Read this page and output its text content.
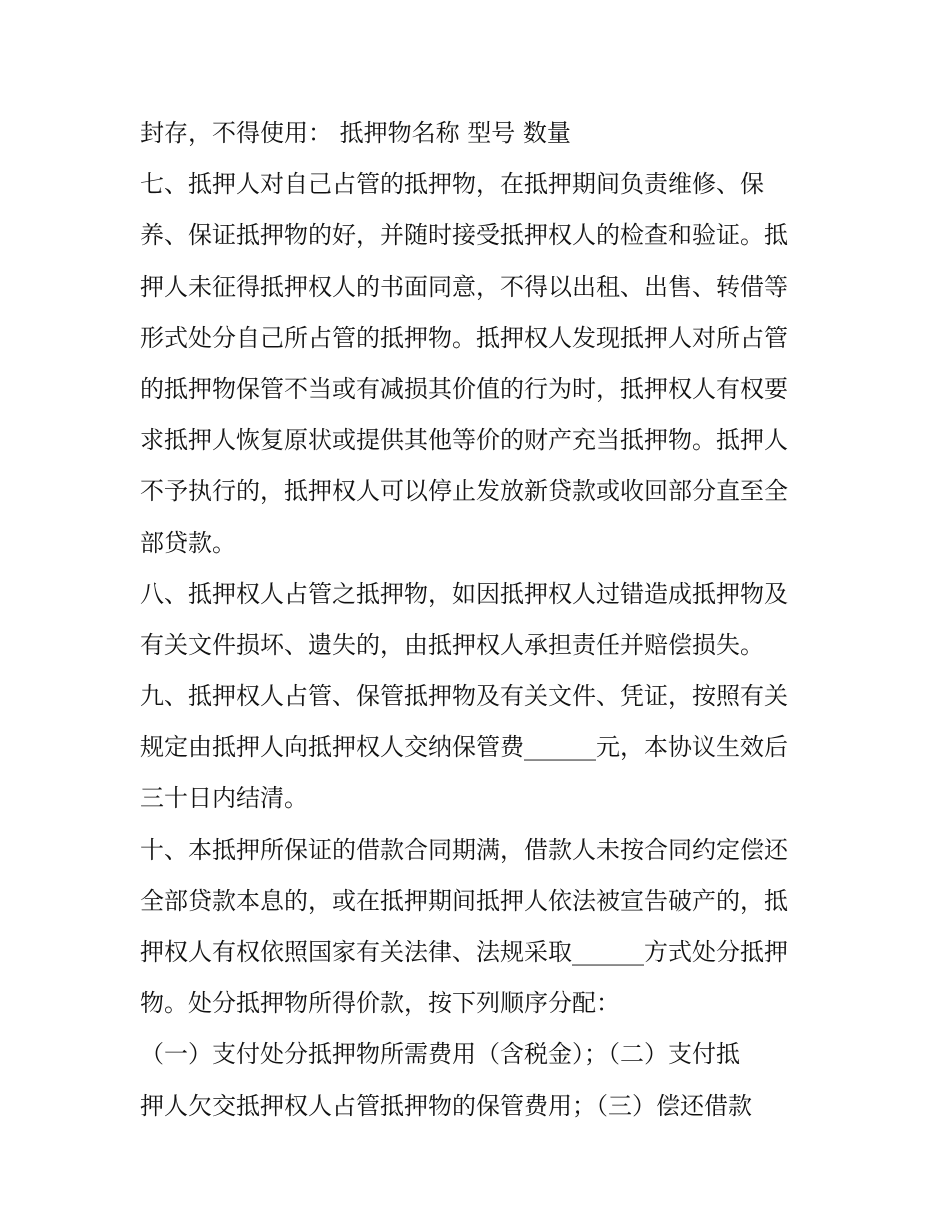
封存，不得使用： 抵押物名称 型号 数量

七、抵押人对自己占管的抵押物，在抵押期间负责维修、保

养、保证抵押物的好，并随时接受抵押权人的检查和验证。抵

押人未征得抵押权人的书面同意，不得以出租、出售、转借等

形式处分自己所占管的抵押物。抵押权人发现抵押人对所占管

的抵押物保管不当或有减损其价值的行为时，抵押权人有权要

求抵押人恢复原状或提供其他等价的财产充当抵押物。抵押人

不予执行的，抵押权人可以停止发放新贷款或收回部分直至全

部贷款。

八、抵押权人占管之抵押物，如因抵押权人过错造成抵押物及

有关文件损坏、遗失的，由抵押权人承担责任并赔偿损失。

九、抵押权人占管、保管抵押物及有关文件、凭证，按照有关

规定由抵押人向抵押权人交纳保管费______元，本协议生效后

三十日内结清。

十、本抵押所保证的借款合同期满，借款人未按合同约定偿还

全部贷款本息的，或在抵押期间抵押人依法被宣告破产的，抵

押权人有权依照国家有关法律、法规采取______方式处分抵押

物。处分抵押物所得价款，按下列顺序分配：

（一）支付处分抵押物所需费用（含税金）；（二）支付抵

押人欠交抵押权人占管抵押物的保管费用；（三）偿还借款
